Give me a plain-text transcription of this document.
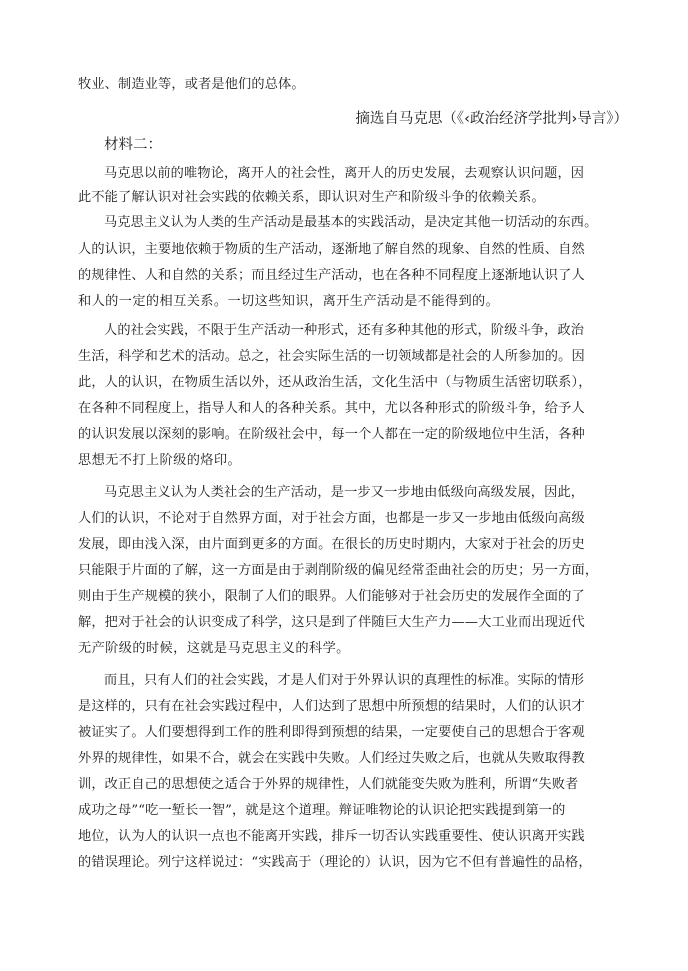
牧业、制造业等，或者是他们的总体。
摘选自马克思（《‹政治经济学批判›导言》）
材料二：
马克思以前的唯物论，离开人的社会性，离开人的历史发展，去观察认识问题，因
此不能了解认识对社会实践的依赖关系，即认识对生产和阶级斗争的依赖关系。
马克思主义认为人类的生产活动是最基本的实践活动，是决定其他一切活动的东西。
人的认识，主要地依赖于物质的生产活动，逐渐地了解自然的现象、自然的性质、自然
的规律性、人和自然的关系；而且经过生产活动，也在各种不同程度上逐渐地认识了人
和人的一定的相互关系。一切这些知识，离开生产活动是不能得到的。
人的社会实践，不限于生产活动一种形式，还有多种其他的形式，阶级斗争，政治
生活，科学和艺术的活动。总之，社会实际生活的一切领域都是社会的人所参加的。因
此，人的认识，在物质生活以外，还从政治生活，文化生活中（与物质生活密切联系），
在各种不同程度上，指导人和人的各种关系。其中，尤以各种形式的阶级斗争，给予人
的认识发展以深刻的影响。在阶级社会中，每一个人都在一定的阶级地位中生活，各种
思想无不打上阶级的烙印。
马克思主义认为人类社会的生产活动，是一步又一步地由低级向高级发展，因此，
人们的认识，不论对于自然界方面，对于社会方面，也都是一步又一步地由低级向高级
发展，即由浅入深，由片面到更多的方面。在很长的历史时期内，大家对于社会的历史
只能限于片面的了解，这一方面是由于剥削阶级的偏见经常歪曲社会的历史；另一方面，
则由于生产规模的狭小，限制了人们的眼界。人们能够对于社会历史的发展作全面的了
解，把对于社会的认识变成了科学，这只是到了伴随巨大生产力——大工业而出现近代
无产阶级的时候，这就是马克思主义的科学。
而且，只有人们的社会实践，才是人们对于外界认识的真理性的标准。实际的情形
是这样的，只有在社会实践过程中，人们达到了思想中所预想的结果时，人们的认识才
被证实了。人们要想得到工作的胜利即得到预想的结果，一定要使自己的思想合于客观
外界的规律性，如果不合，就会在实践中失败。人们经过失败之后，也就从失败取得教
训，改正自己的思想使之适合于外界的规律性，人们就能变失败为胜利，所谓“失败者
成功之母”“吃一堑长一智”，就是这个道理。辩证唯物论的认识论把实践提到第一的
地位，认为人的认识一点也不能离开实践，排斥一切否认实践重要性、使认识离开实践
的错误理论。列宁这样说过：“实践高于（理论的）认识，因为它不但有普遍性的品格，
